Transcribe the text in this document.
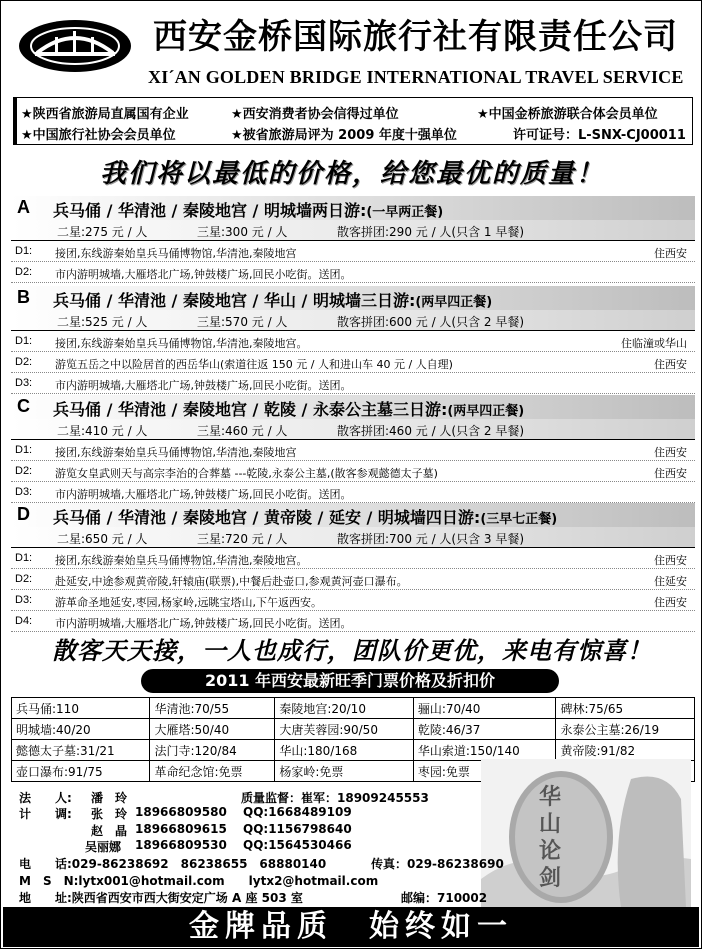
西安金桥国际旅行社有限责任公司
XI´AN GOLDEN BRIDGE INTERNATIONAL TRAVEL SERVICE
★陕西省旅游局直属国有企业	★西安消费者协会信得过单位	★中国金桥旅游联合体会员单位
★中国旅行社协会会员单位	★被省旅游局评为 2009 年度十强单位	许可证号：L-SNX-CJ00011
我们将以最低的价格，给您最优的质量！
A 兵马俑 / 华清池 / 秦陵地宫 / 明城墙两日游:(一早两正餐)
二星:275 元 / 人	三星:300 元 / 人	散客拼团:290 元 / 人(只含 1 早餐)
D1: 接团,东线游秦始皇兵马俑博物馆,华清池,秦陵地宫	住西安
D2: 市内游明城墙,大雁塔北广场,钟鼓楼广场,回民小吃街。送团。
B 兵马俑 / 华清池 / 秦陵地宫 / 华山 / 明城墙三日游:(两早四正餐)
二星:525 元 / 人	三星:570 元 / 人	散客拼团:600 元 / 人(只含 2 早餐)
D1: 接团,东线游秦始皇兵马俑博物馆,华清池,秦陵地宫。	住临潼或华山
D2: 游览五岳之中以险居首的西岳华山(索道往返 150 元 / 人和进山车 40 元 / 人自理)	住西安
D3: 市内游明城墙,大雁塔北广场,钟鼓楼广场,回民小吃街。送团。
C 兵马俑 / 华清池 / 秦陵地宫 / 乾陵 / 永泰公主墓三日游:(两早四正餐)
二星:410 元 / 人	三星:460 元 / 人	散客拼团:460 元 / 人(只含 2 早餐)
D1: 接团,东线游秦始皇兵马俑博物馆,华清池,秦陵地宫	住西安
D2: 游览女皇武则天与高宗李治的合葬墓 ---乾陵,永泰公主墓,(散客参观懿德太子墓)	住西安
D3: 市内游明城墙,大雁塔北广场,钟鼓楼广场,回民小吃街。送团。
D 兵马俑 / 华清池 / 秦陵地宫 / 黄帝陵 / 延安 / 明城墙四日游:(三早七正餐)
二星:650 元 / 人	三星:720 元 / 人	散客拼团:700 元 / 人(只含 3 早餐)
D1: 接团,东线游秦始皇兵马俑博物馆,华清池,秦陵地宫。	住西安
D2: 赴延安,中途参观黄帝陵,轩辕庙(联票),中餐后赴壶口,参观黄河壶口瀑布。	住延安
D3: 游革命圣地延安,枣园,杨家岭,远眺宝塔山,下午返西安。	住西安
D4: 市内游明城墙,大雁塔北广场,钟鼓楼广场,回民小吃街。送团。
散客天天接，一人也成行，团队价更优，来电有惊喜！
2011 年西安最新旺季门票价格及折扣价
兵马俑:110	华清池:70/55	秦陵地宫:20/10	骊山:70/40	碑林:75/65
明城墙:40/20	大雁塔:50/40	大唐芙蓉园:90/50	乾陵:46/37	永泰公主墓:26/19
懿德太子墓:31/21	法门寺:120/84	华山:180/168	华山索道:150/140	黄帝陵:91/82
壶口瀑布:91/75	革命纪念馆:免票	杨家岭:免票	枣园:免票	
华
山
论
剑
法　　人: 潘　玲	质量监督：崔军：18909245553
计　　调: 张　玲 18966809580 QQ:1668489109
赵　晶 18966809615 QQ:1156798640
吴丽娜 18966809530 QQ:1564530466
电　　话:029-86238692　86238655　68880140	传真：029-86238690
M　S　N:lytx001@hotmail.com　　lytx2@hotmail.com
地　　址:陕西省西安市西大街安定广场 A 座 503 室	邮编：710002
金牌品质　始终如一
